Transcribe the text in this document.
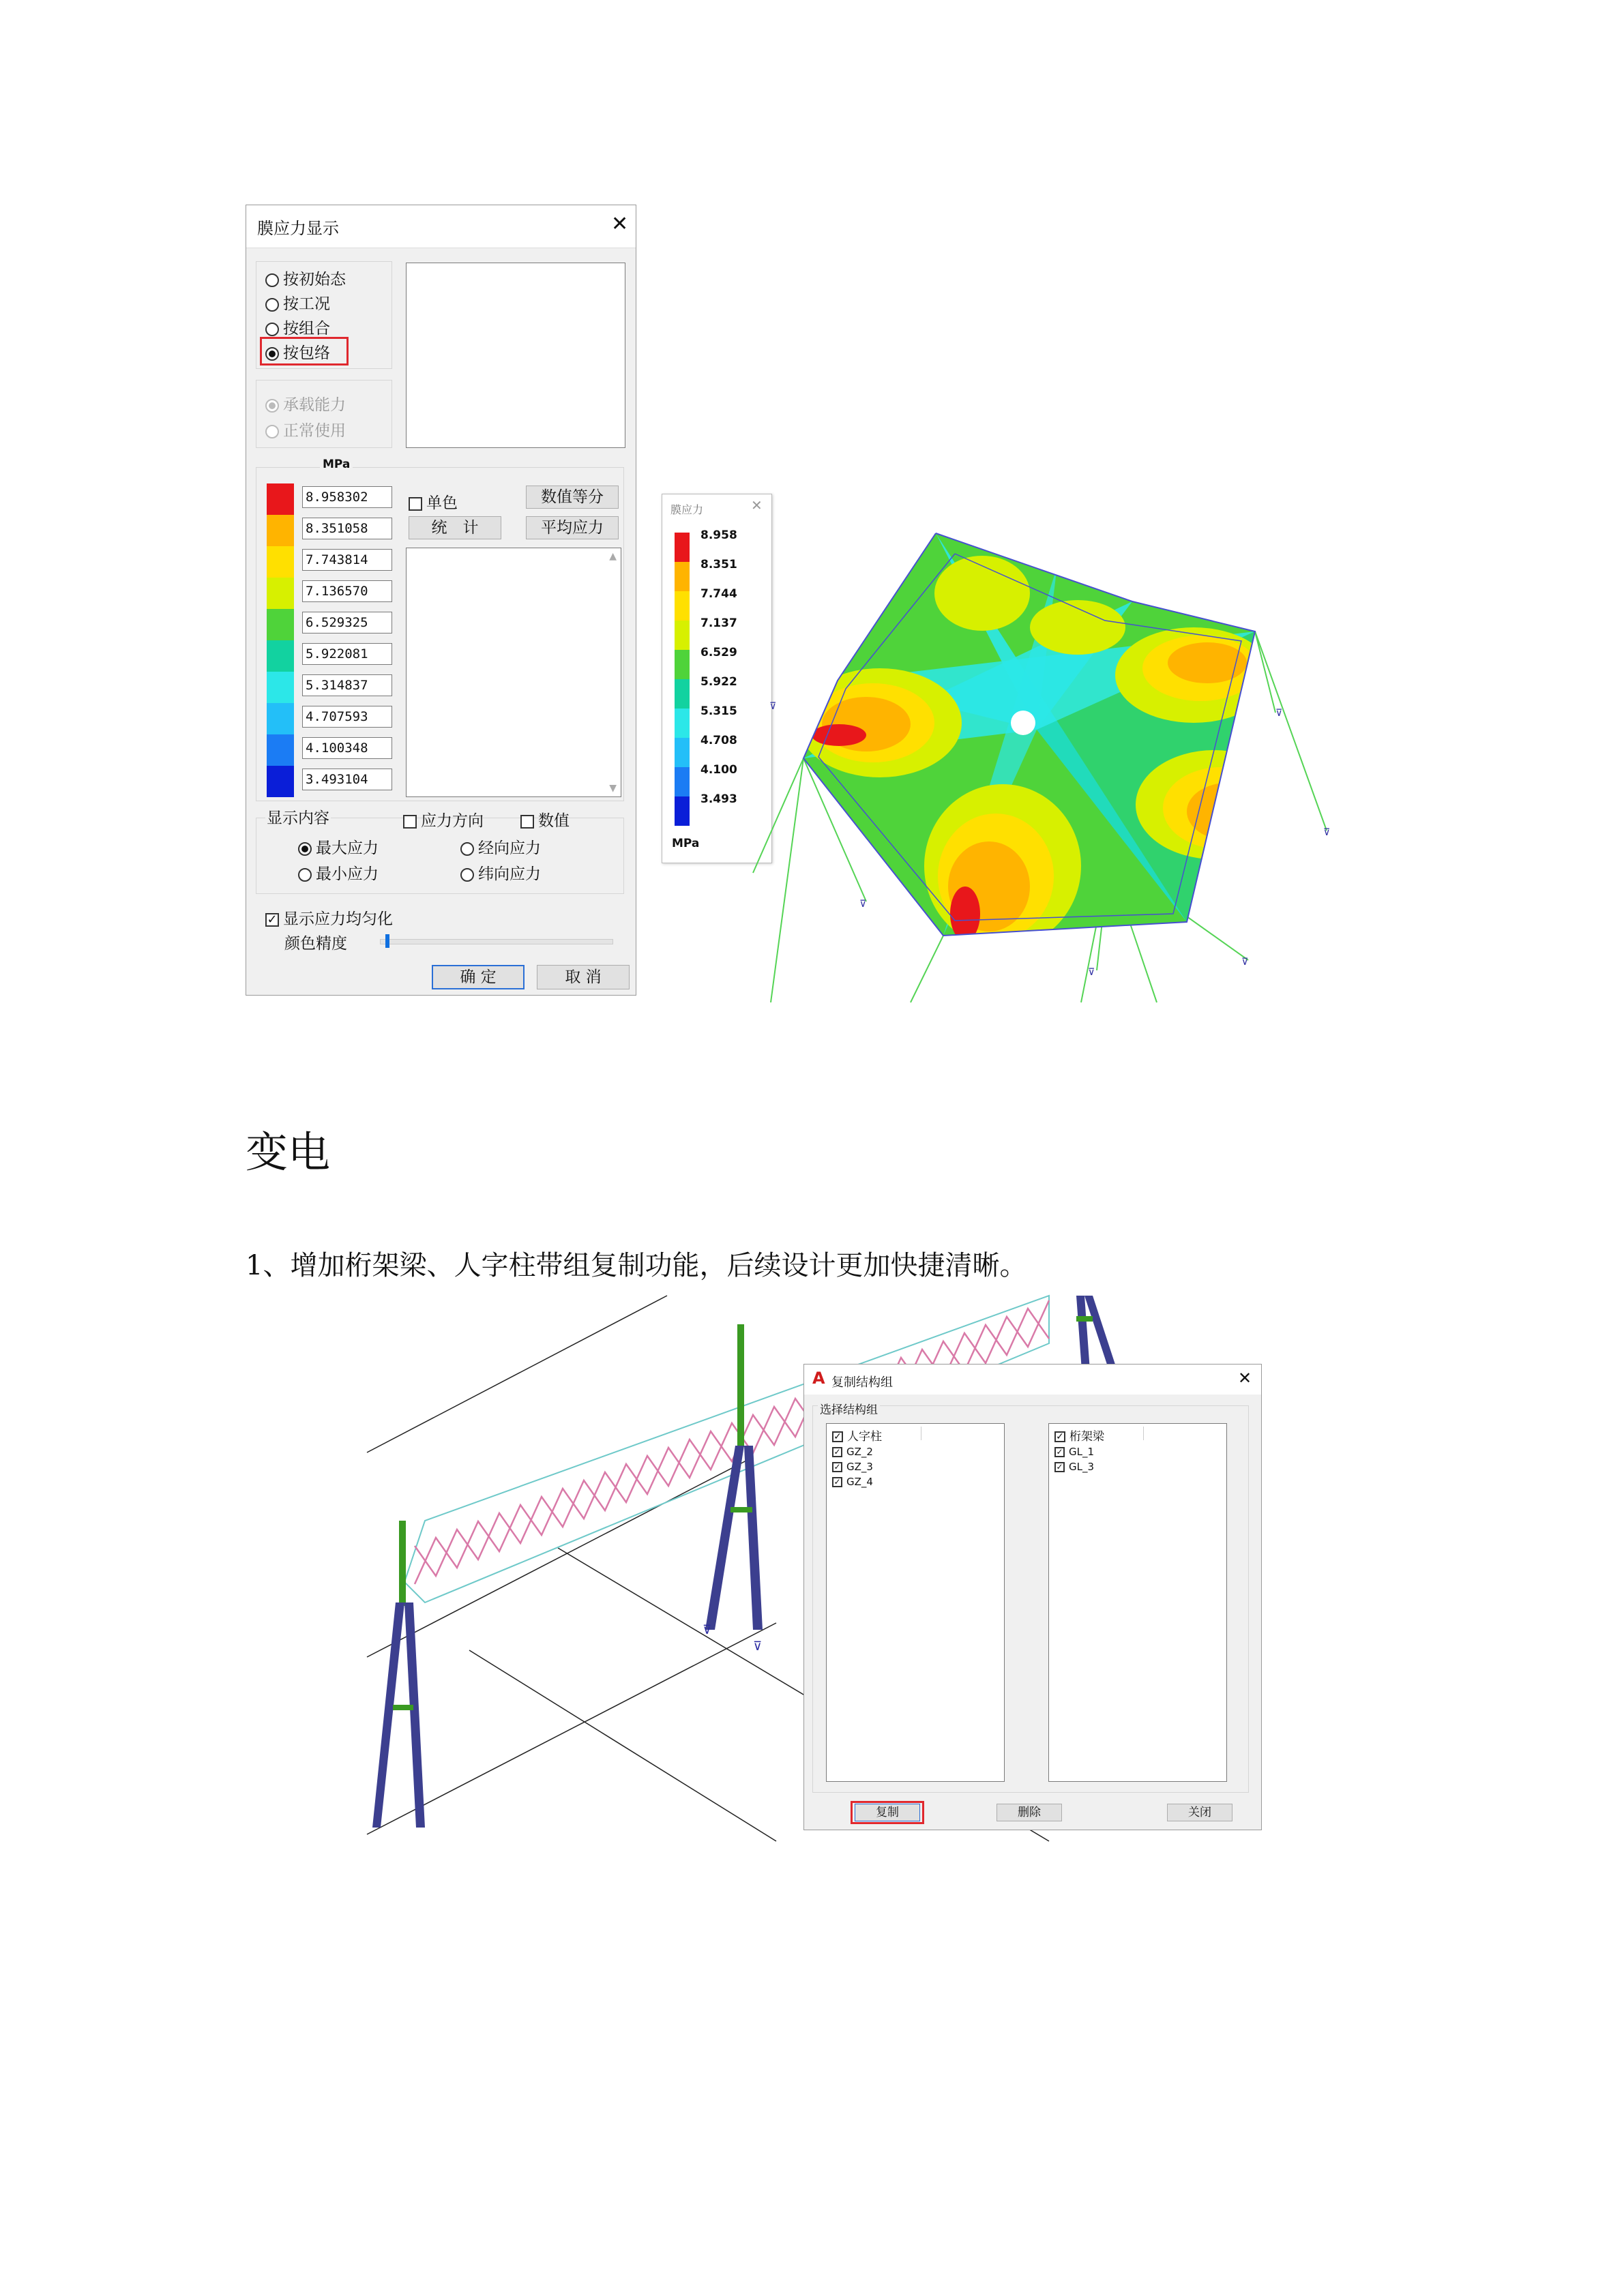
膜应力显示	✕
按初始态
按工况
按组合
按包络
承载能力
正常使用
MPa
单色	数值等分
统　计	平均应力
▲
▼
显示内容	应力方向	数值
最大应力	经向应力
最小应力	纬向应力
✓ 显示应力均匀化
颜色精度
确 定	取 消
8.958302
8.351058
7.743814
7.136570
6.529325
5.922081
5.314837
4.707593
4.100348
3.493104
膜应力	✕
MPa
8.958
8.351
7.744
7.137
6.529
5.922
5.315
4.708
4.100
3.493
⊽
⊽
⊽
⊽
⊽
⊽
变电
1、增加桁架梁、人字柱带组复制功能，后续设计更加快捷清晰。
⊽
⊽
A 复制结构组	✕
选择结构组
✓ 人字柱
✓ GZ_2
✓ GZ_3
✓ GZ_4
✓ 桁架梁
✓ GL_1
✓ GL_3
复制	删除	关闭
